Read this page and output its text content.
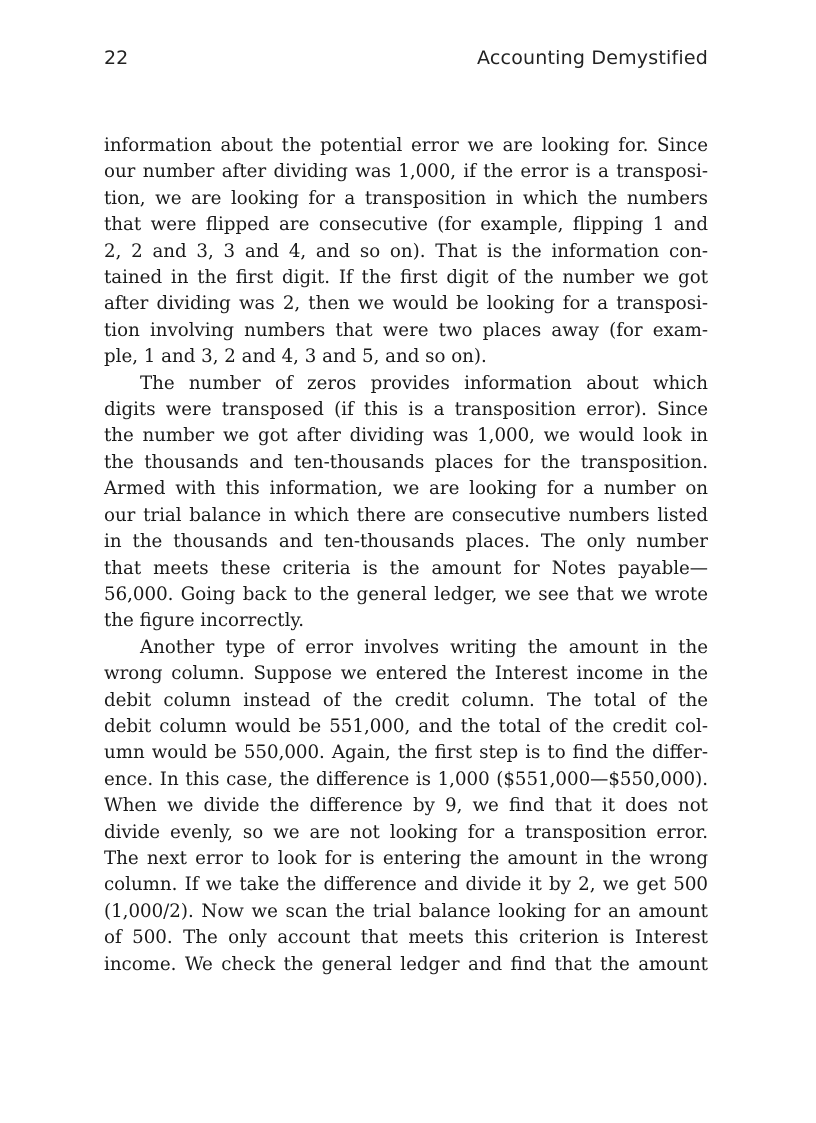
22	Accounting Demystified

information about the potential error we are looking for. Since
our number after dividing was 1,000, if the error is a transposi-
tion, we are looking for a transposition in which the numbers
that were flipped are consecutive (for example, flipping 1 and
2, 2 and 3, 3 and 4, and so on). That is the information con-
tained in the first digit. If the first digit of the number we got
after dividing was 2, then we would be looking for a transposi-
tion involving numbers that were two places away (for exam-
ple, 1 and 3, 2 and 4, 3 and 5, and so on).

The number of zeros provides information about which
digits were transposed (if this is a transposition error). Since
the number we got after dividing was 1,000, we would look in
the thousands and ten-thousands places for the transposition.
Armed with this information, we are looking for a number on
our trial balance in which there are consecutive numbers listed
in the thousands and ten-thousands places. The only number
that meets these criteria is the amount for Notes payable—
56,000. Going back to the general ledger, we see that we wrote
the figure incorrectly.

Another type of error involves writing the amount in the
wrong column. Suppose we entered the Interest income in the
debit column instead of the credit column. The total of the
debit column would be 551,000, and the total of the credit col-
umn would be 550,000. Again, the first step is to find the differ-
ence. In this case, the difference is 1,000 ($551,000—$550,000).
When we divide the difference by 9, we find that it does not
divide evenly, so we are not looking for a transposition error.
The next error to look for is entering the amount in the wrong
column. If we take the difference and divide it by 2, we get 500
(1,000/2). Now we scan the trial balance looking for an amount
of 500. The only account that meets this criterion is Interest
income. We check the general ledger and find that the amount
